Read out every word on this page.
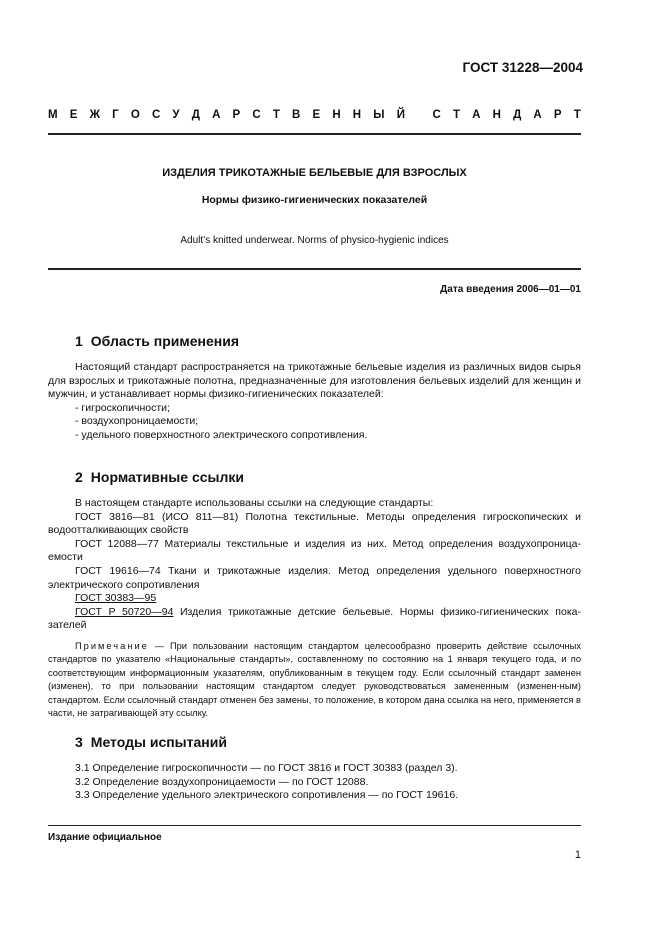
ГОСТ 31228—2004
М Е Ж Г О С У Д А Р С Т В Е Н Н Ы Й
С Т А Н Д А Р Т
ИЗДЕЛИЯ ТРИКОТАЖНЫЕ БЕЛЬЕВЫЕ ДЛЯ ВЗРОСЛЫХ
Нормы физико-гигиенических показателей
Adult’s knitted underwear. Norms of physico-hygienic indices
Дата введения 2006—01—01
1 Область применения

Настоящий стандарт распространяется на трикотажные бельевые изделия из различных видов сырья для взрослых и трикотажные полотна, предназначенные для изготовления бельевых изделий для женщин и мужчин, и устанавливает нормы физико-гигиенических показателей:

- гигроскопичности;

- воздухопроницаемости;

- удельного поверхностного электрического сопротивления.

2 Нормативные ссылки

В настоящем стандарте использованы ссылки на следующие стандарты:

ГОСТ 3816—81 (ИСО 811—81) Полотна текстильные. Методы определения гигроскопических и водоотталкивающих свойств

ГОСТ 12088—77 Материалы текстильные и изделия из них. Метод определения воздухопроница-емости

ГОСТ 19616—74 Ткани и трикотажные изделия. Метод определения удельного поверхностного электрического сопротивления

ГОСТ 30383—95

ГОСТ Р 50720—94 Изделия трикотажные детские бельевые. Нормы физико-гигиенических пока-зателей

Примечание — При пользовании настоящим стандартом целесообразно проверить действие ссылочных стандартов по указателю «Национальные стандарты», составленному по состоянию на 1 января текущего года, и по соответствующим информационным указателям, опубликованным в текущем году. Если ссылочный стандарт заменен (изменен), то при пользовании настоящим стандартом следует руководствоваться замененным (изменен-ным) стандартом. Если ссылочный стандарт отменен без замены, то положение, в котором дана ссылка на него, применяется в части, не затрагивающей эту ссылку.

3 Методы испытаний

3.1 Определение гигроскопичности — по ГОСТ 3816 и ГОСТ 30383 (раздел 3).

3.2 Определение воздухопроницаемости — по ГОСТ 12088.

3.3 Определение удельного электрического сопротивления — по ГОСТ 19616.

Издание официальное
1
